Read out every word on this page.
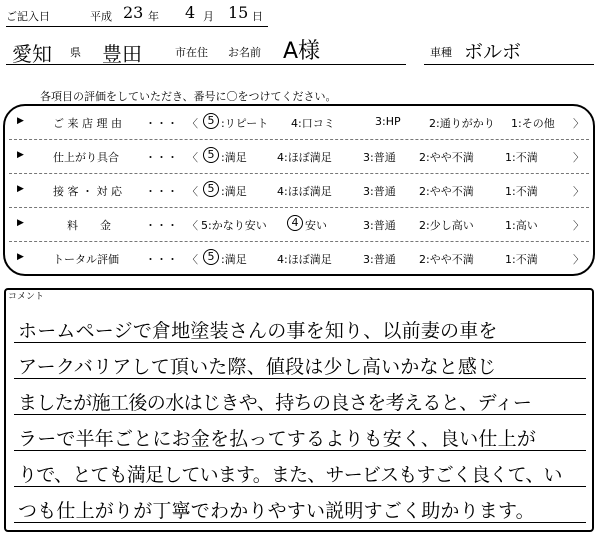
ご記入日	平成 23 年 4 月 15 日
愛知 県 豊田	市在住 お名前 A様	車種 ボルボ
各項目の評価をしていただき、番号に〇をつけてください。
▶	ご 来 店 理 由 ・・・ 〈 5 :リピート 4:口コミ	3:HP	2:通りがかり 1:その他 〉
▶	仕上がり具合 ・・・ 〈 5 :満足	4:ほぼ満足	3:普通 2:やや不満	1:不満	〉
▶	接 客 ・ 対 応 ・・・ 〈 5 :満足	4:ほぼ満足	3:普通 2:やや不満	1:不満	〉
▶	料　　金	・・・ 〈 5:かなり安い	4 安い	3:普通 2:少し高い	1:高い	〉
▶	トータル評価 ・・・ 〈 5 :満足	4:ほぼ満足	3:普通 2:やや不満	1:不満	〉
コメント
ホームページで倉地塗装さんの事を知り、以前妻の車を
アークバリアして頂いた際、値段は少し高いかなと感じ
ましたが施工後の水はじきや、持ちの良さを考えると、ディー
ラーで半年ごとにお金を払ってするよりも安く、良い仕上が
りで、とても満足しています。また、サービスもすごく良くて、い
つも仕上がりが丁寧でわかりやすい説明すごく助かります。
